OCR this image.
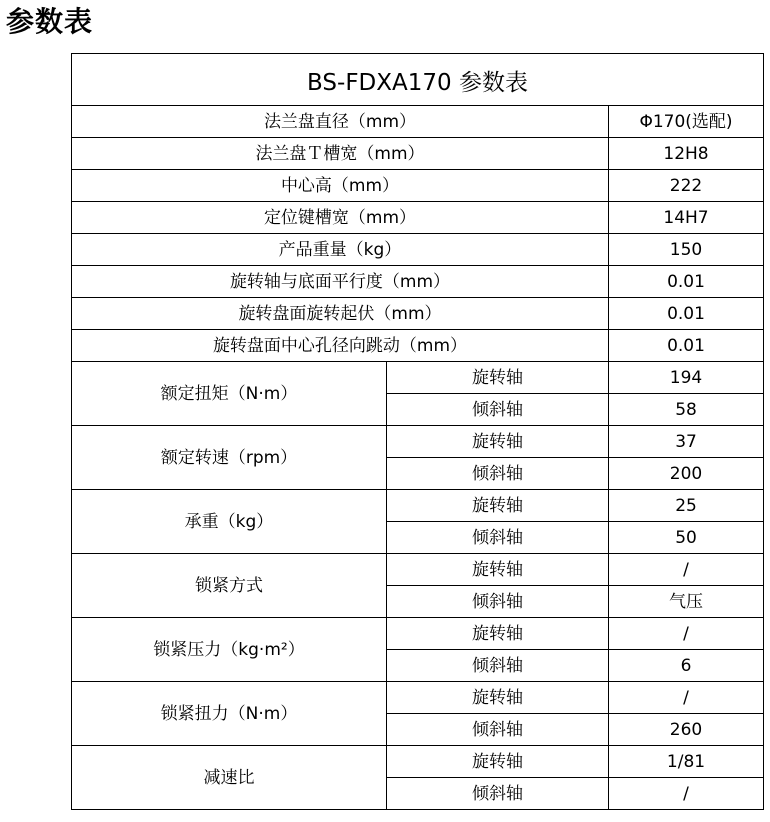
参数表
BS-FDXA170 参数表		
法兰盘直径（mm）		Φ170(选配)
法兰盘Ｔ槽宽（mm）		12H8
中心高（mm）		222
定位键槽宽（mm）		14H7
产品重量（kg）		150
旋转轴与底面平行度（mm）		0.01
旋转盘面旋转起伏（mm）		0.01
旋转盘面中心孔径向跳动（mm）		0.01
额定扭矩（N·m）	旋转轴	194
	倾斜轴	58
额定转速（rpm）	旋转轴	37
	倾斜轴	200
承重（kg）	旋转轴	25
	倾斜轴	50
锁紧方式	旋转轴	/
	倾斜轴	气压
锁紧压力（kg·m²）	旋转轴	/
	倾斜轴	6
锁紧扭力（N·m）	旋转轴	/
	倾斜轴	260
减速比	旋转轴	1/81
	倾斜轴	/
